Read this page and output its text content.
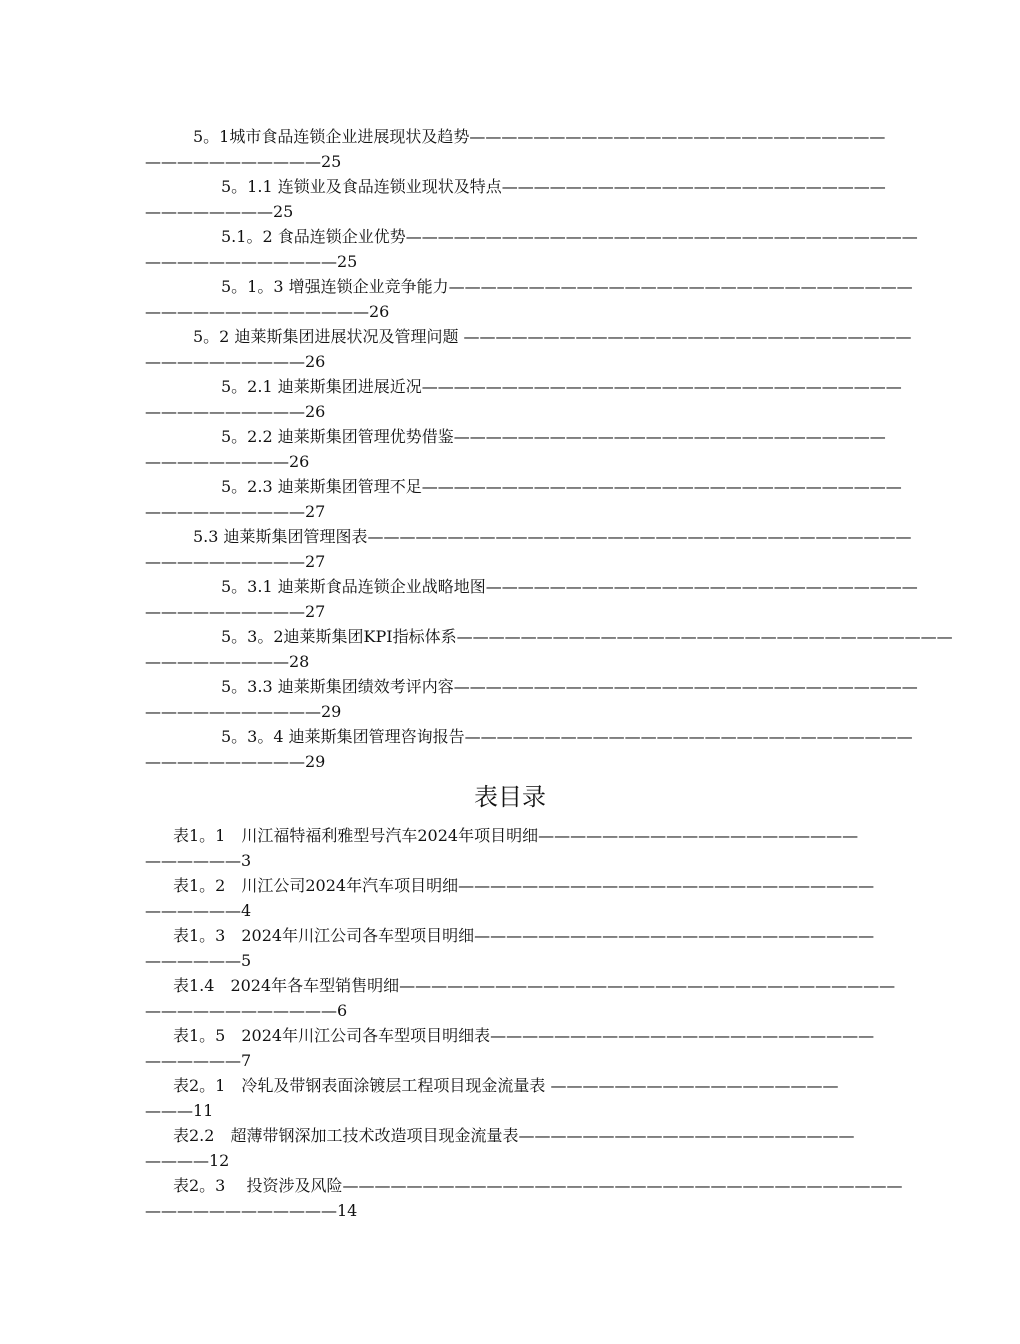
5。1城市食品连锁企业进展现状及趋势——————————————————————————
———————————25
5。1.1 连锁业及食品连锁业现状及特点————————————————————————
————————25
5.1。2 食品连锁企业优势————————————————————————————————
————————————25
5。1。3 增强连锁企业竞争能力—————————————————————————————
——————————————26
5。2 迪莱斯集团进展状况及管理问题 ————————————————————————————
——————————26
5。2.1 迪莱斯集团进展近况——————————————————————————————
——————————26
5。2.2 迪莱斯集团管理优势借鉴———————————————————————————
—————————26
5。2.3 迪莱斯集团管理不足——————————————————————————————
——————————27
5.3 迪莱斯集团管理图表——————————————————————————————————
——————————27
5。3.1 迪莱斯食品连锁企业战略地图———————————————————————————
——————————27
5。3。2迪莱斯集团KPI指标体系———————————————————————————————
—————————28
5。3.3 迪莱斯集团绩效考评内容—————————————————————————————
———————————29
5。3。4 迪莱斯集团管理咨询报告————————————————————————————
——————————29
表目录
表1。1　川江福特福利雅型号汽车2024年项目明细————————————————————
——————3
表1。2　川江公司2024年汽车项目明细——————————————————————————
——————4
表1。3　2024年川江公司各车型项目明细—————————————————————————
——————5
表1.4　2024年各车型销售明细———————————————————————————————
————————————6
表1。5　2024年川江公司各车型项目明细表————————————————————————
——————7
表2。1　冷轧及带钢表面涂镀层工程项目现金流量表 ——————————————————
———11
表2.2　超薄带钢深加工技术改造项目现金流量表—————————————————————
————12
表2。3　 投资涉及风险———————————————————————————————————
————————————14
